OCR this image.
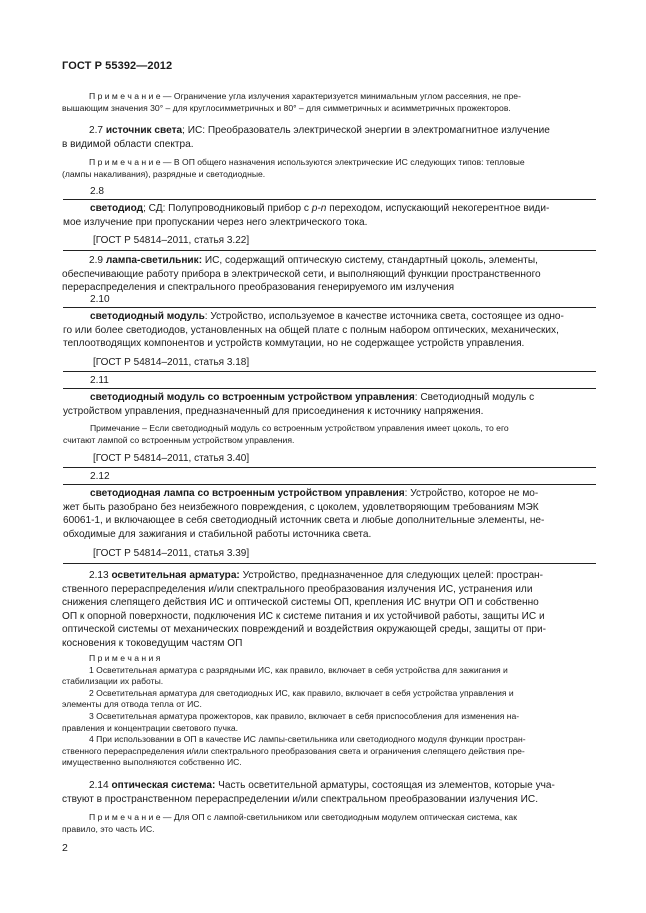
ГОСТ Р 55392—2012
П р и м е ч а н и е — Ограничение угла излучения характеризуется минимальным углом рассеяния, не пре-
вышающим значения 30° – для круглосимметричных и 80° – для симметричных и асимметричных прожекторов.
2.7 источник света; ИС: Преобразователь электрической энергии в электромагнитное излучение
в видимой области спектра.
П р и м е ч а н и е — В ОП общего назначения используются электрические ИС следующих типов: тепловые
(лампы накаливания), разрядные и светодиодные.
2.8
светодиод; СД: Полупроводниковый прибор с p-n переходом, испускающий некогерентное види-
мое излучение при пропускании через него электрического тока.
[ГОСТ Р 54814–2011, статья 3.22]
2.9 лампа-светильник: ИС, содержащий оптическую систему, стандартный цоколь, элементы,
обеспечивающие работу прибора в электрической сети, и выполняющий функции пространственного
перераспределения и спектрального преобразования генерируемого им излучения
2.10
светодиодный модуль: Устройство, используемое в качестве источника света, состоящее из одно-
го или более светодиодов, установленных на общей плате с полным набором оптических, механических,
теплоотводящих компонентов и устройств коммутации, но не содержащее устройств управления.
[ГОСТ Р 54814–2011, статья 3.18]
2.11
светодиодный модуль со встроенным устройством управления: Светодиодный модуль с
устройством управления, предназначенный для присоединения к источнику напряжения.
Примечание – Если светодиодный модуль со встроенным устройством управления имеет цоколь, то его
считают лампой со встроенным устройством управления.
[ГОСТ Р 54814–2011, статья 3.40]
2.12
светодиодная лампа со встроенным устройством управления: Устройство, которое не мо-
жет быть разобрано без неизбежного повреждения, с цоколем, удовлетворяющим требованиям МЭК
60061-1, и включающее в себя светодиодный источник света и любые дополнительные элементы, не-
обходимые для зажигания и стабильной работы источника света.
[ГОСТ Р 54814–2011, статья 3.39]
2.13 осветительная арматура: Устройство, предназначенное для следующих целей: простран-
ственного перераспределения и/или спектрального преобразования излучения ИС, устранения или
снижения слепящего действия ИС и оптической системы ОП, крепления ИС внутри ОП и собственно
ОП к опорной поверхности, подключения ИС к системе питания и их устойчивой работы, защиты ИС и
оптической системы от механических повреждений и воздействия окружающей среды, защиты от при-
косновения к токоведущим частям ОП
П р и м е ч а н и я
1 Осветительная арматура с разрядными ИС, как правило, включает в себя устройства для зажигания и
стабилизации их работы.
2 Осветительная арматура для светодиодных ИС, как правило, включает в себя устройства управления и
элементы для отвода тепла от ИС.
3 Осветительная арматура прожекторов, как правило, включает в себя приспособления для изменения на-
правления и концентрации светового пучка.
4 При использовании в ОП в качестве ИС лампы-светильника или светодиодного модуля функции простран-
ственного перераспределения и/или спектрального преобразования света и ограничения слепящего действия пре-
имущественно выполняются собственно ИС.
2.14 оптическая система: Часть осветительной арматуры, состоящая из элементов, которые уча-
ствуют в пространственном перераспределении и/или спектральном преобразовании излучения ИС.
П р и м е ч а н и е — Для ОП с лампой-светильником или светодиодным модулем оптическая система, как
правило, это часть ИС.
2
